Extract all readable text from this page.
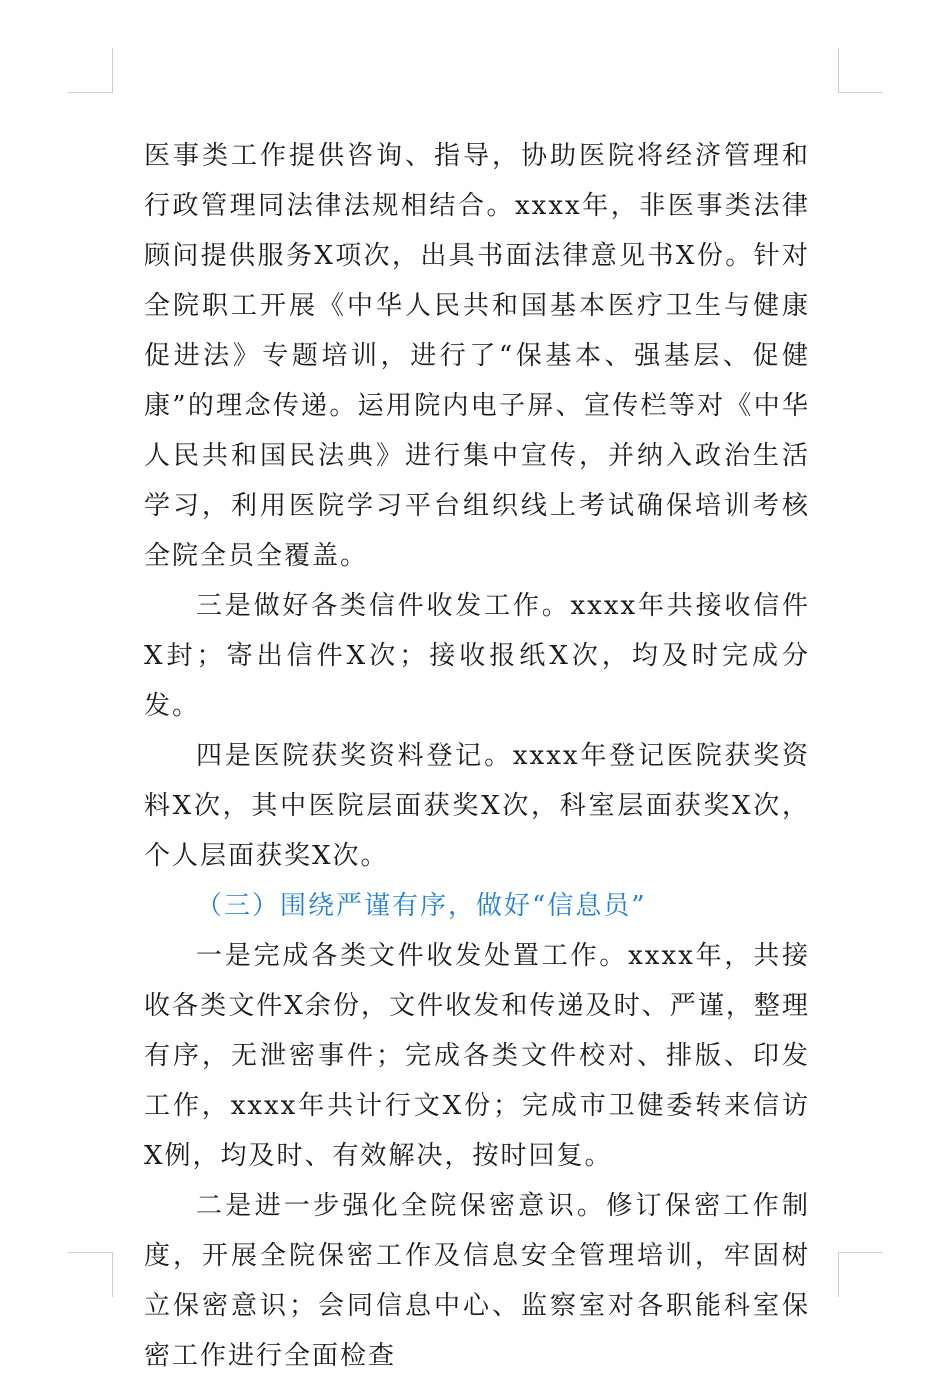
医事类工作提供咨询、指导，协助医院将经济管理和行政管理同法律法规相结合。xxxx年，非医事类法律顾问提供服务X项次，出具书面法律意见书X份。针对全院职工开展《中华人民共和国基本医疗卫生与健康促进法》专题培训，进行了“保基本、强基层、促健康”的理念传递。运用院内电子屏、宣传栏等对《中华人民共和国民法典》进行集中宣传，并纳入政治生活学习，利用医院学习平台组织线上考试确保培训考核全院全员全覆盖。

三是做好各类信件收发工作。xxxx年共接收信件X封；寄出信件X次；接收报纸X次，均及时完成分发。

四是医院获奖资料登记。xxxx年登记医院获奖资料X次，其中医院层面获奖X次，科室层面获奖X次，个人层面获奖X次。

（三）围绕严谨有序，做好“信息员”

一是完成各类文件收发处置工作。xxxx年，共接收各类文件X余份，文件收发和传递及时、严谨，整理有序，无泄密事件；完成各类文件校对、排版、印发工作，xxxx年共计行文X份；完成市卫健委转来信访X例，均及时、有效解决，按时回复。

二是进一步强化全院保密意识。修订保密工作制度，开展全院保密工作及信息安全管理培训，牢固树立保密意识；会同信息中心、监察室对各职能科室保密工作进行全面检查
